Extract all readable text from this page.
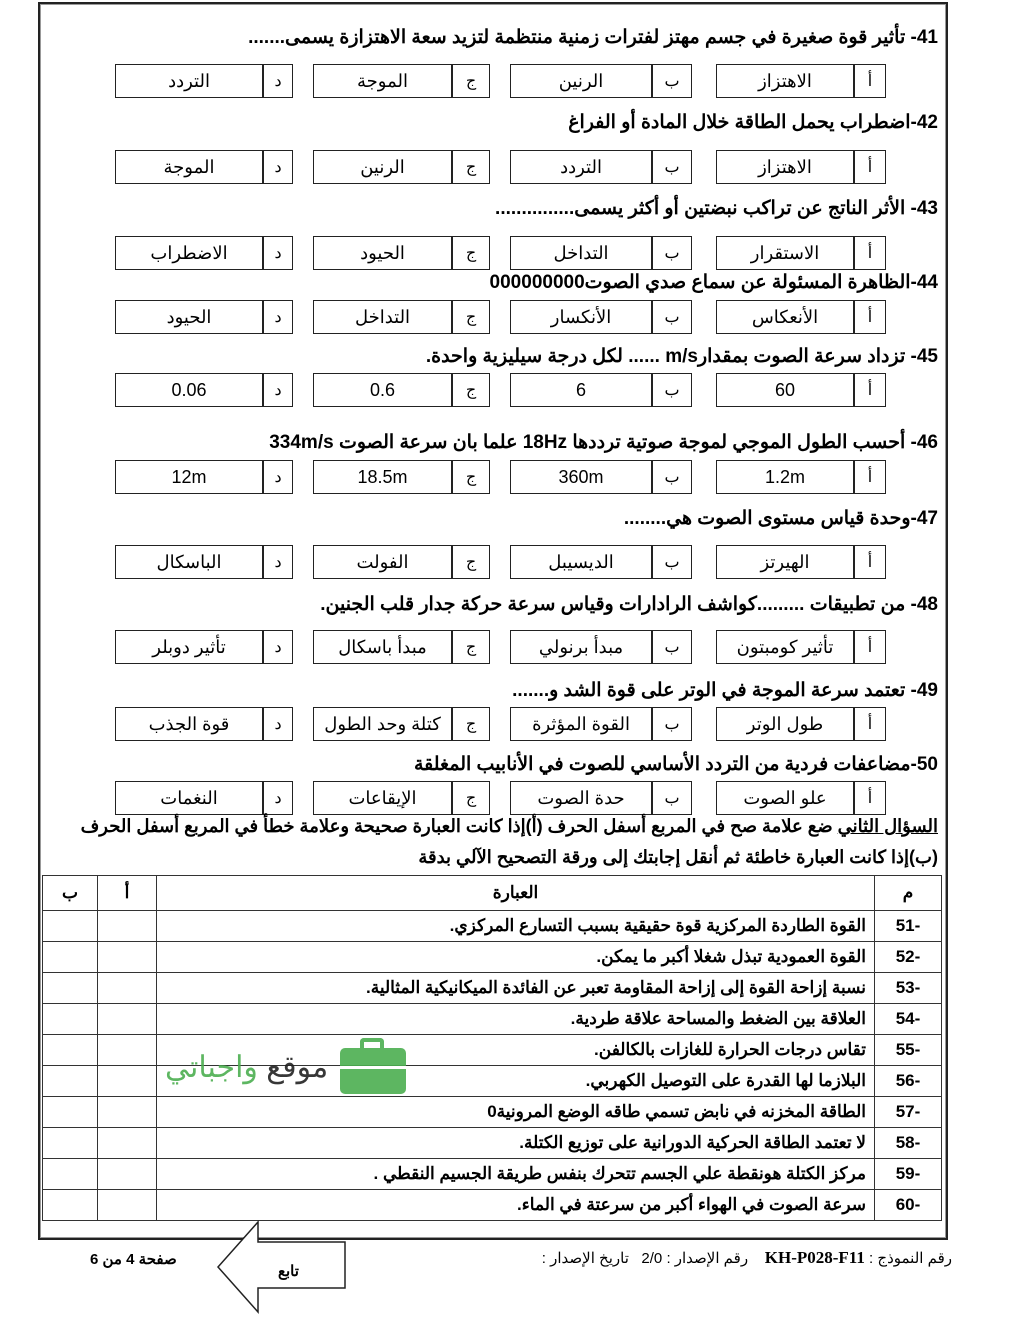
41- تأثير قوة صغيرة في جسم مهتز لفترات زمنية منتظمة لتزيد سعة الاهتزازة يسمى.......
أ
الاهتزاز
ب
الرنين
ج
الموجة
د
التردد
42-اضطراب يحمل الطاقة خلال المادة أو الفراغ
أ
الاهتزاز
ب
التردد
ج
الرنين
د
الموجة
43- الأثر الناتج عن تراكب نبضتين أو أكثر يسمى...............
أ
الاستقرار
ب
التداخل
ج
الحيود
د
الاضطراب
44-الظاهرة المسئولة عن سماع صدي الصوت000000000
أ
الأنعكاس
ب
الأنكسار
ج
التداخل
د
الحيود
45- تزداد سرعة الصوت بمقدارm/s ...... لكل درجة سيليزية واحدة.
أ
60
ب
6
ج
0.6
د
0.06
46- أحسب الطول الموجي لموجة صوتية ترددها 18Hz علما بان سرعة الصوت 334m/s
أ
1.2m
ب
360m
ج
18.5m
د
12m
47-وحدة قياس مستوى الصوت هي........
أ
الهيرتز
ب
الديسيبل
ج
الفولت
د
الباسكال
48- من تطبيقات .........كواشف الرادارات وقياس سرعة حركة جدار قلب الجنين.
أ
تأثير كومبتون
ب
مبدأ برنولي
ج
مبدأ باسكال
د
تأثير دوبلر
49- تعتمد سرعة الموجة في الوتر على قوة الشد و.......
أ
طول الوتر
ب
القوة المؤثرة
ج
كتلة وحد الطول
د
قوة الجذب
50-مضاعفات فردية من التردد الأساسي للصوت في الأنابيب المغلقة
أ
علو الصوت
ب
حدة الصوت
ج
الإيقاعات
د
النغمات
السؤال الثاني ضع علامة صح في المربع أسفل الحرف (أ)إذا كانت العبارة صحيحة وعلامة خطأ في المربع أسفل الحرف
(ب)إذا كانت العبارة خاطئة ثم أنقل إجابتك إلى ورقة التصحيح الآلي بدقة
م	العبارة	أ	ب
-51	القوة الطاردة المركزية قوة حقيقية بسبب التسارع المركزي.		
-52	القوة العمودية تبذل شغلا أكبر ما يمكن.		
-53	نسبة إزاحة القوة إلى إزاحة المقاومة تعبر عن الفائدة الميكانيكية المثالية.		
-54	العلاقة بين الضغط والمساحة علاقة طردية.		
-55	تقاس درجات الحرارة للغازات بالكالفن.		
-56	البلازما لها القدرة على التوصيل الكهربي.		
-57	الطاقة المخزنه في نابض تسمي طاقه الوضع المرونية0		
-58	لا تعتمد الطاقة الحركية الدورانية على توزيع الكتلة.		
-59	مركز الكتلة هونقطة علي الجسم تتحرك بنفس طريقة الجسيم النقطي .		
-60	سرعة الصوت في الهواء أكبر من سرعتة في الماء.		
موقع واجباتي
رقم النموذج : KH-P028-F11    رقم الإصدار : 2/0   تاريخ الإصدار :
تابع
صفحة 4 من 6
